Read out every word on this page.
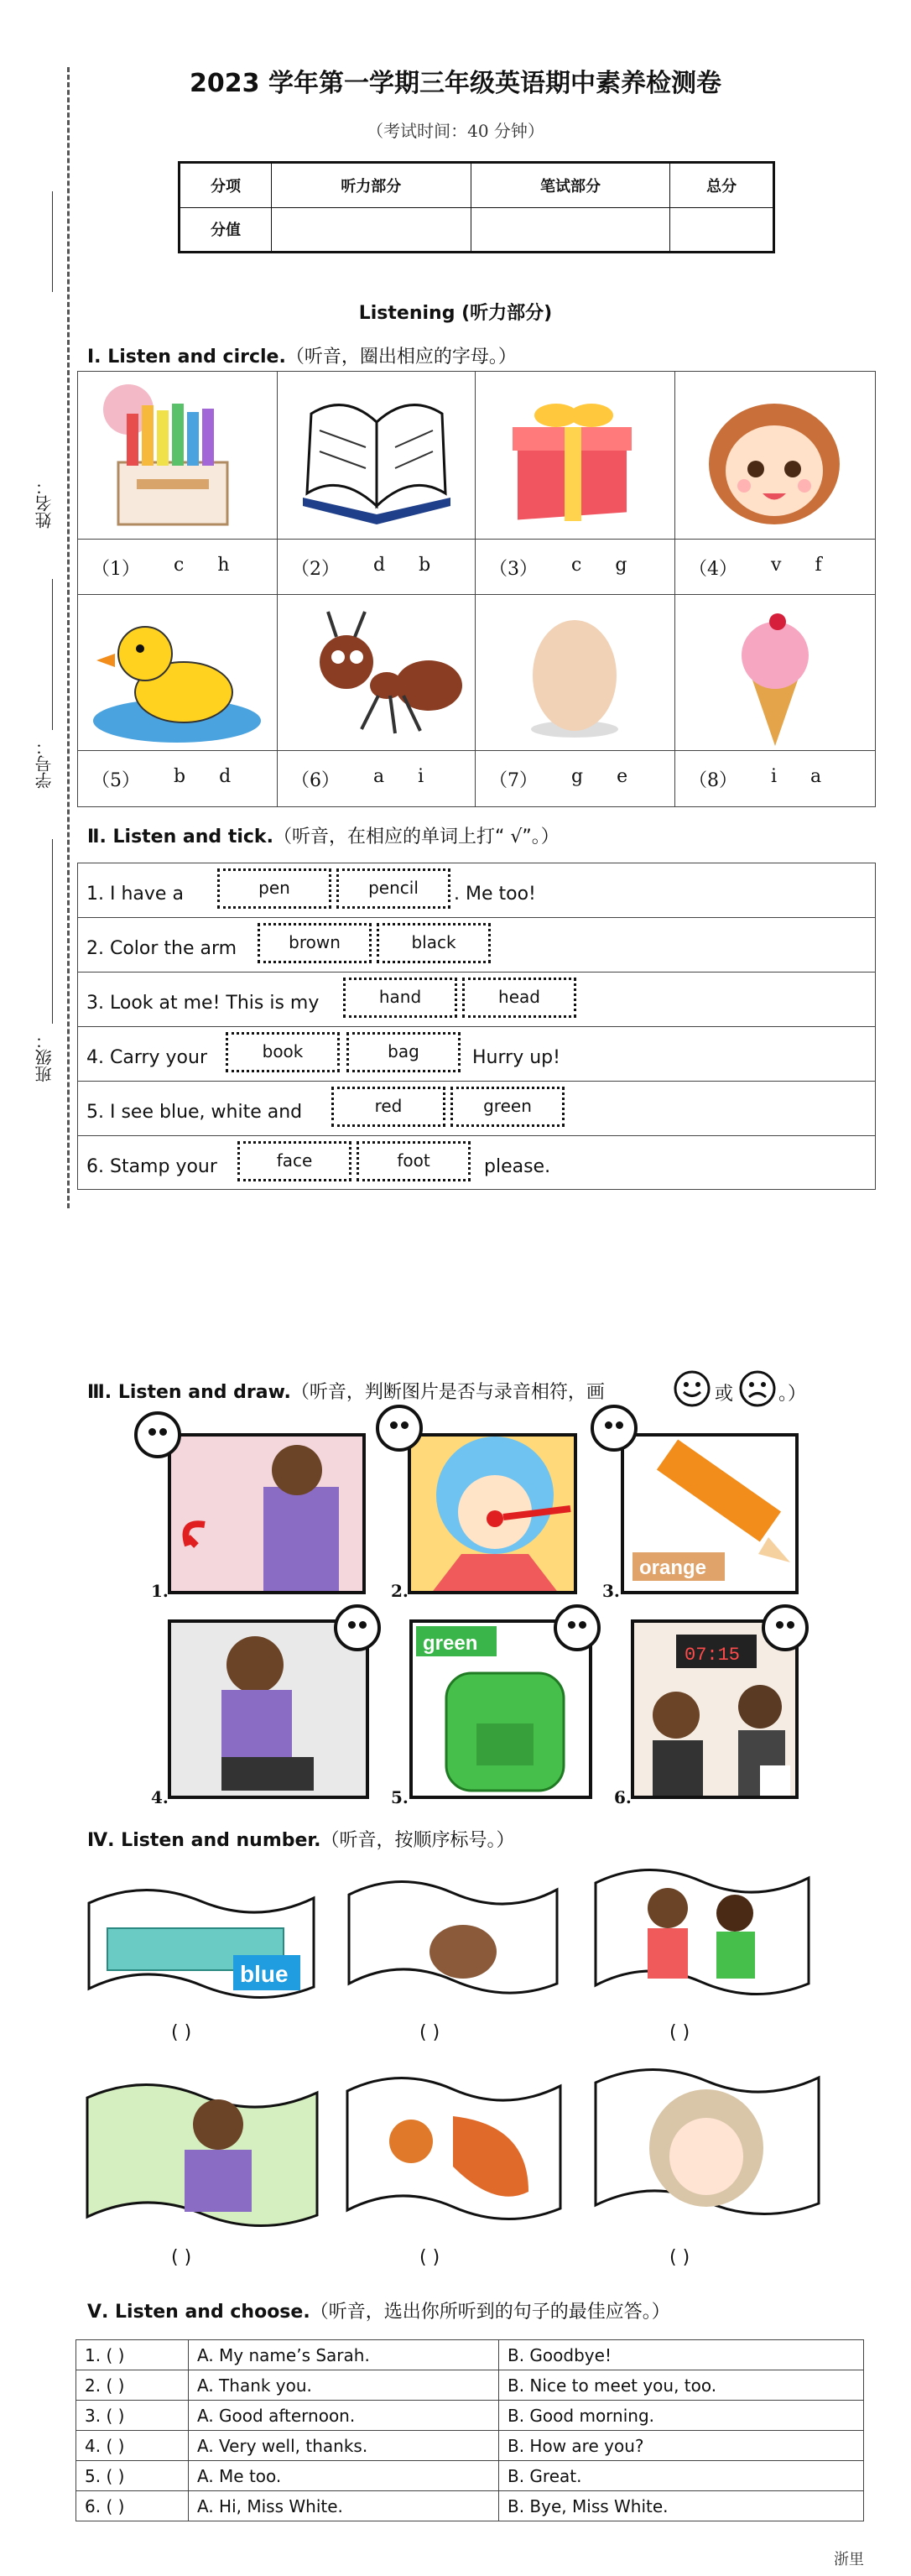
姓名：
学号：
班级：
2023 学年第一学期三年级英语期中素养检测卷
（考试时间：40 分钟）
分项	听力部分	笔试部分	总分
分值			
Listening (听力部分)
Ⅰ. Listen and circle.（听音，圈出相应的字母。）
（1） c h	（2） d b	（3） c g	（4） v f
（5） b d	（6） a i	（7） g e	（8） i a
Ⅱ. Listen and tick.（听音，在相应的单词上打“ √”。）
1. I have a	pen	pencil	. Me too!
2. Color the arm	brown	black
3. Look at me! This is my	hand	head
4. Carry your	book	bag	Hurry up!
5. I see blue, white and	red	green
6. Stamp your	face	foot	please.
Ⅲ. Listen and draw.（听音，判断图片是否与录音相符，画	或 。）
1.	2.
orange
3.
4.
green
5.
07:15
6.
Ⅳ. Listen and number.（听音，按顺序标号。）
blue
( )	( )	( )
( )	( )	( )
Ⅴ. Listen and choose.（听音，选出你所听到的句子的最佳应答。）
1. ( )	A. My name’s Sarah.	B. Goodbye!
2. ( )	A. Thank you.	B. Nice to meet you, too.
3. ( )	A. Good afternoon.	B. Good morning.
4. ( )	A. Very well, thanks.	B. How are you?
5. ( )	A. Me too.	B. Great.
6. ( )	A. Hi, Miss White.	B. Bye, Miss White.
浙里
